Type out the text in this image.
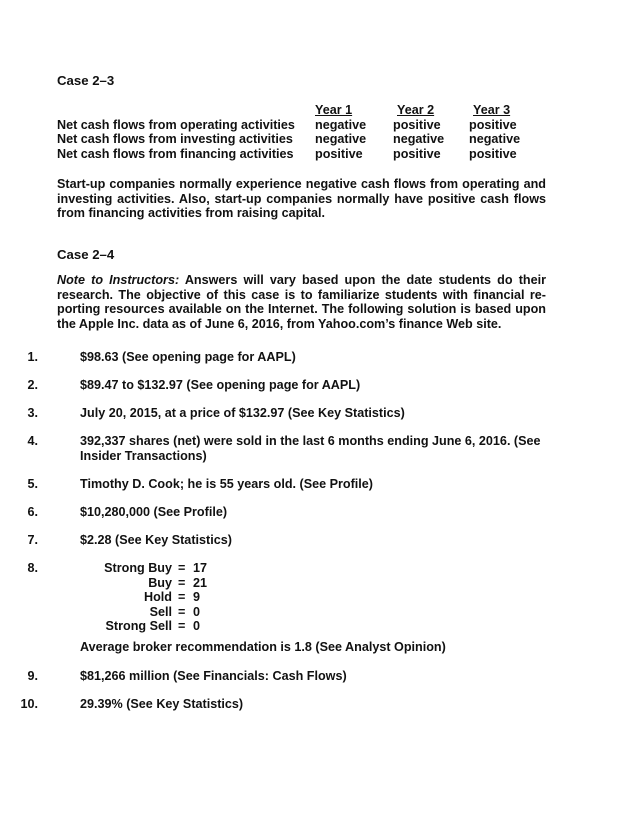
Case 2–3
Year 1	Year 2	Year 3
Net cash flows from operating activities negative positive positive
Net cash flows from investing activities negative negative negative
Net cash flows from financing activities positive positive positive
Start-up companies normally experience negative cash flows from operating and
investing activities. Also, start-up companies normally have positive cash flows
from financing activities from raising capital.
Case 2–4
Note to Instructors: Answers will vary based upon the date students do their
research. The objective of this case is to familiarize students with financial re-
porting resources available on the Internet. The following solution is based upon
the Apple Inc. data as of June 6, 2016, from Yahoo.com’s finance Web site.
1.	$98.63 (See opening page for AAPL)
2.	$89.47 to $132.97 (See opening page for AAPL)
3.	July 20, 2015, at a price of $132.97 (See Key Statistics)
4.	392,337 shares (net) were sold in the last 6 months ending June 6, 2016. (See
Insider Transactions)
5.	Timothy D. Cook; he is 55 years old. (See Profile)
6.	$10,280,000 (See Profile)
7.	$2.28 (See Key Statistics)
8.	Strong Buy = 17
Buy = 21
Hold = 9
Sell = 0
Strong Sell = 0
Average broker recommendation is 1.8 (See Analyst Opinion)
9.	$81,266 million (See Financials: Cash Flows)
10.	29.39% (See Key Statistics)
